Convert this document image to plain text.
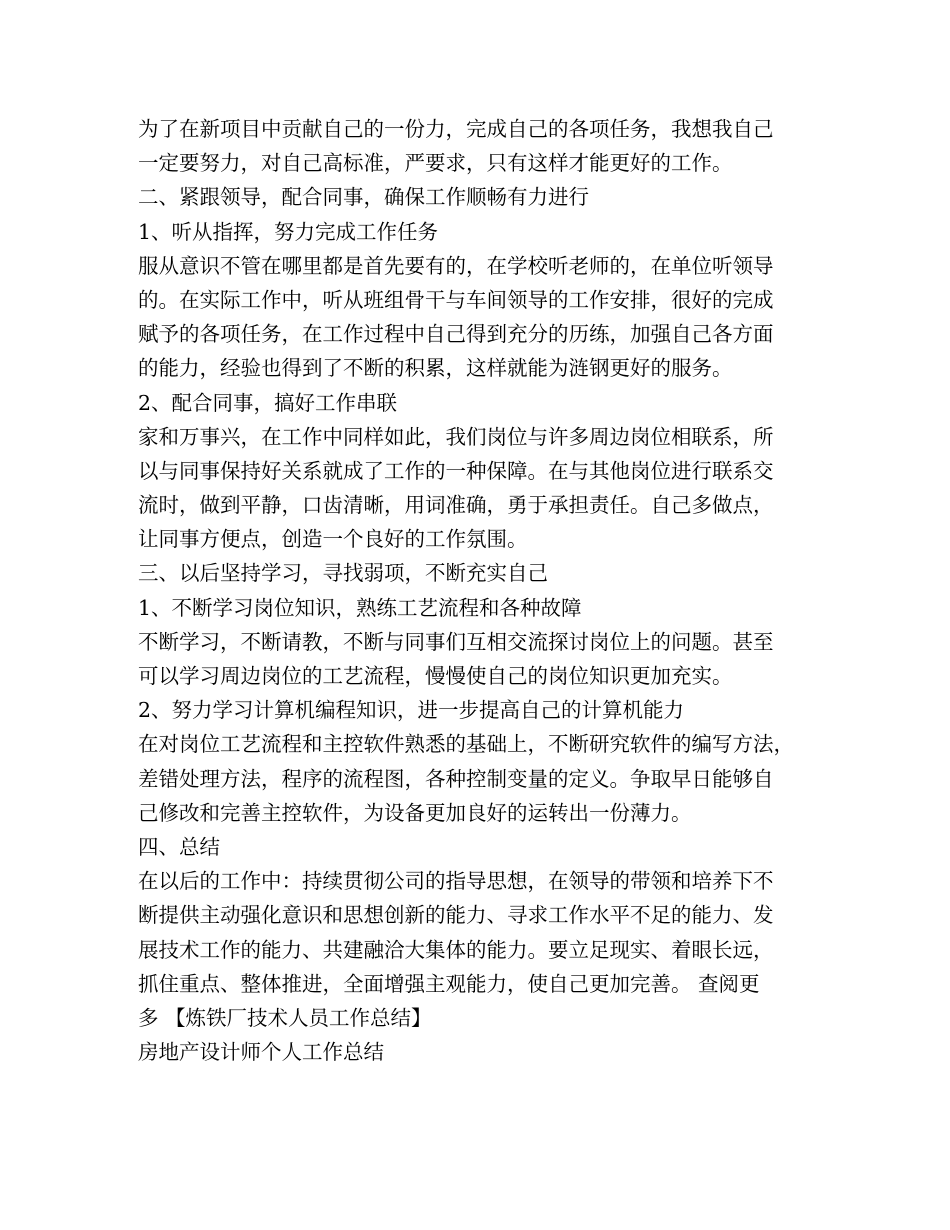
为了在新项目中贡献自己的一份力，完成自己的各项任务，我想我自己
一定要努力，对自己高标准，严要求，只有这样才能更好的工作。
二、紧跟领导，配合同事，确保工作顺畅有力进行
1、听从指挥，努力完成工作任务
服从意识不管在哪里都是首先要有的，在学校听老师的，在单位听领导
的。在实际工作中，听从班组骨干与车间领导的工作安排，很好的完成
赋予的各项任务，在工作过程中自己得到充分的历练，加强自己各方面
的能力，经验也得到了不断的积累，这样就能为涟钢更好的服务。
2、配合同事，搞好工作串联
家和万事兴，在工作中同样如此，我们岗位与许多周边岗位相联系，所
以与同事保持好关系就成了工作的一种保障。在与其他岗位进行联系交
流时，做到平静，口齿清晰，用词准确，勇于承担责任。自己多做点，
让同事方便点，创造一个良好的工作氛围。
三、以后坚持学习，寻找弱项，不断充实自己
1、不断学习岗位知识，熟练工艺流程和各种故障
不断学习，不断请教，不断与同事们互相交流探讨岗位上的问题。甚至
可以学习周边岗位的工艺流程，慢慢使自己的岗位知识更加充实。
2、努力学习计算机编程知识，进一步提高自己的计算机能力
在对岗位工艺流程和主控软件熟悉的基础上，不断研究软件的编写方法，
差错处理方法，程序的流程图，各种控制变量的定义。争取早日能够自
己修改和完善主控软件，为设备更加良好的运转出一份薄力。
四、总结
在以后的工作中：持续贯彻公司的指导思想，在领导的带领和培养下不
断提供主动强化意识和思想创新的能力、寻求工作水平不足的能力、发
展技术工作的能力、共建融洽大集体的能力。要立足现实、着眼长远，
抓住重点、整体推进，全面增强主观能力，使自己更加完善。 查阅更
多 【炼铁厂技术人员工作总结】
房地产设计师个人工作总结
